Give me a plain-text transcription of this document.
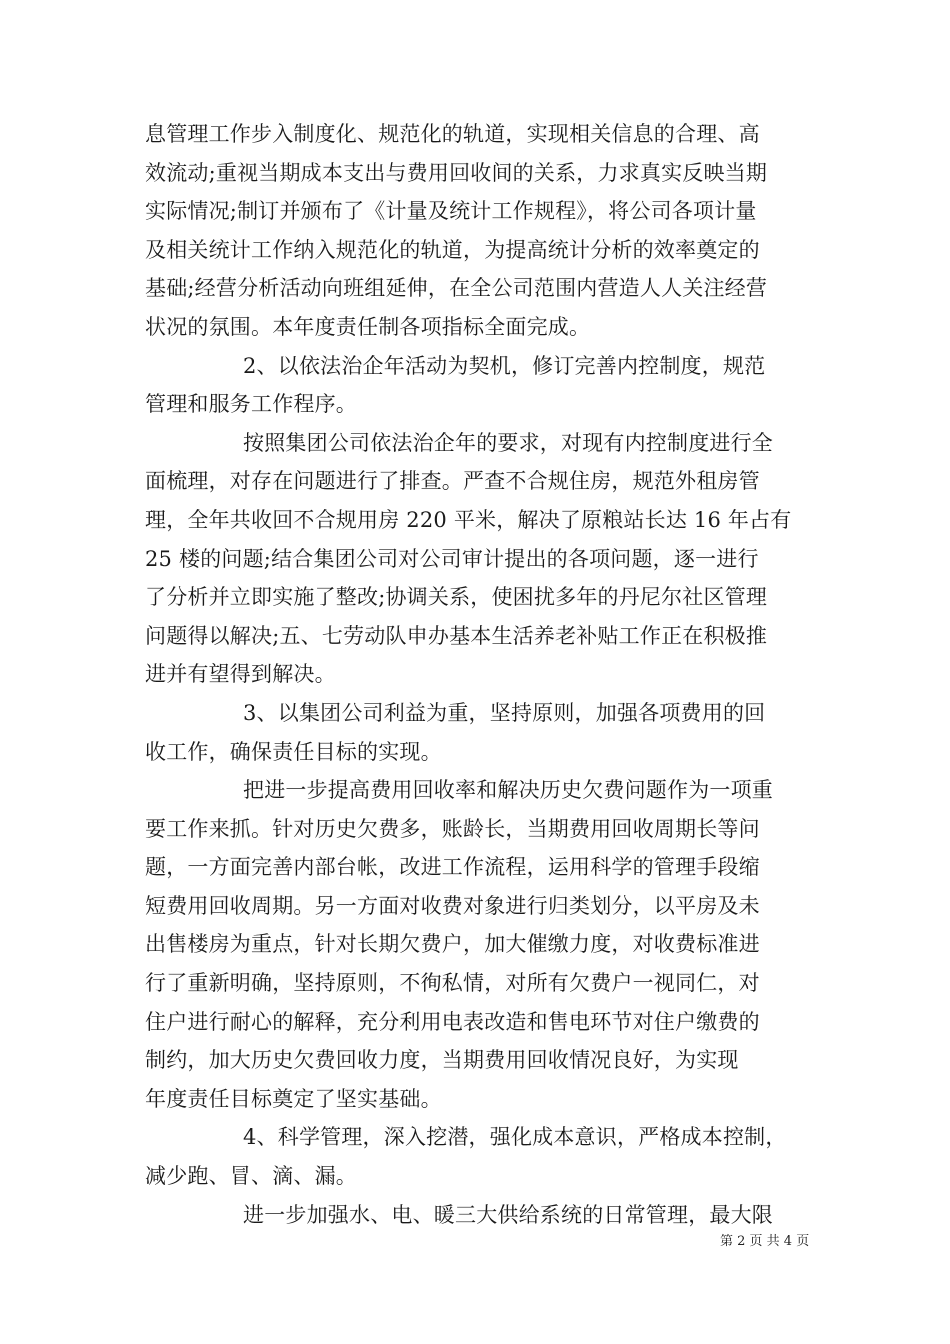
息管理工作步入制度化、规范化的轨道，实现相关信息的合理、高
效流动;重视当期成本支出与费用回收间的关系，力求真实反映当期
实际情况;制订并颁布了《计量及统计工作规程》，将公司各项计量
及相关统计工作纳入规范化的轨道，为提高统计分析的效率奠定的
基础;经营分析活动向班组延伸，在全公司范围内营造人人关注经营
状况的氛围。本年度责任制各项指标全面完成。
2、以依法治企年活动为契机，修订完善内控制度，规范
管理和服务工作程序。
按照集团公司依法治企年的要求，对现有内控制度进行全
面梳理，对存在问题进行了排查。严查不合规住房，规范外租房管
理，全年共收回不合规用房 220 平米，解决了原粮站长达 16 年占有
25 楼的问题;结合集团公司对公司审计提出的各项问题，逐一进行
了分析并立即实施了整改;协调关系，使困扰多年的丹尼尔社区管理
问题得以解决;五、七劳动队申办基本生活养老补贴工作正在积极推
进并有望得到解决。
3、以集团公司利益为重，坚持原则，加强各项费用的回
收工作，确保责任目标的实现。
把进一步提高费用回收率和解决历史欠费问题作为一项重
要工作来抓。针对历史欠费多，账龄长，当期费用回收周期长等问
题，一方面完善内部台帐，改进工作流程，运用科学的管理手段缩
短费用回收周期。另一方面对收费对象进行归类划分，以平房及未
出售楼房为重点，针对长期欠费户，加大催缴力度，对收费标准进
行了重新明确，坚持原则，不徇私情，对所有欠费户一视同仁，对
住户进行耐心的解释，充分利用电表改造和售电环节对住户缴费的
制约，加大历史欠费回收力度，当期费用回收情况良好，为实现
年度责任目标奠定了坚实基础。
4、科学管理，深入挖潜，强化成本意识，严格成本控制，
减少跑、冒、滴、漏。
进一步加强水、电、暖三大供给系统的日常管理，最大限
第 2 页 共 4 页
